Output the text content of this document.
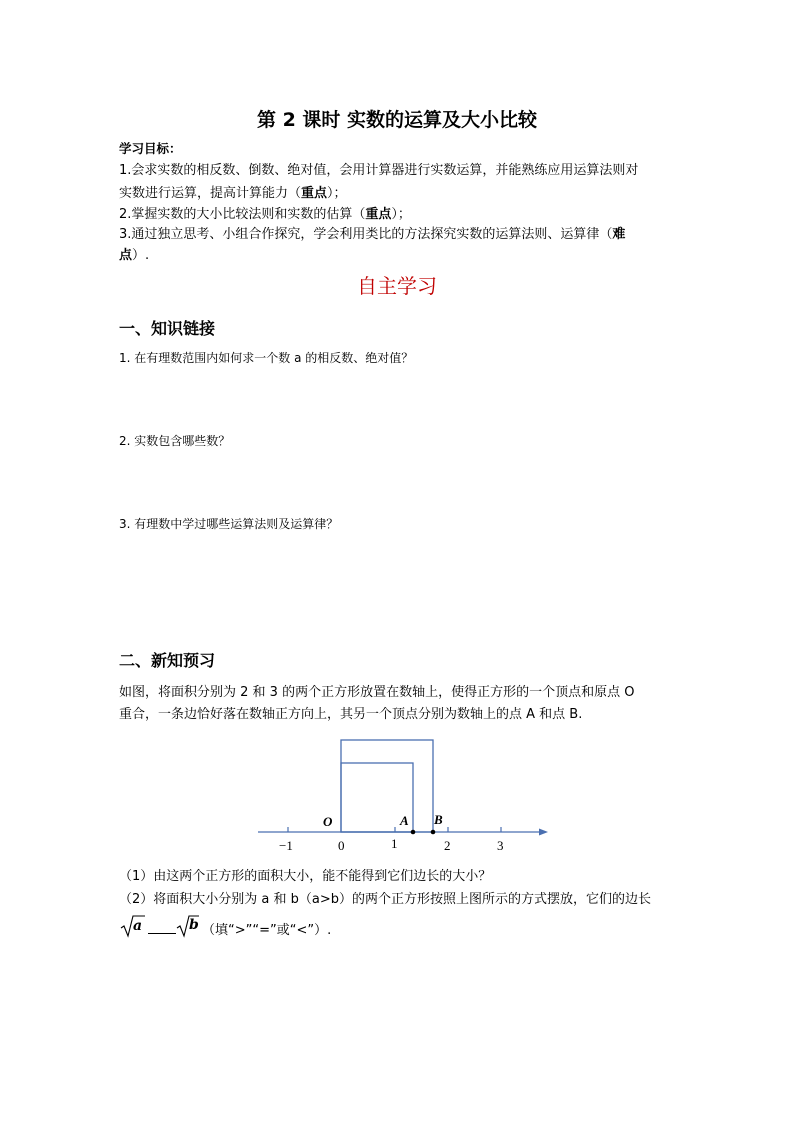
第 2 课时 实数的运算及大小比较
学习目标：
1.会求实数的相反数、倒数、绝对值，会用计算器进行实数运算，并能熟练应用运算法则对
实数进行运算，提高计算能力（重点）；
2.掌握实数的大小比较法则和实数的估算（重点）；
3.通过独立思考、小组合作探究，学会利用类比的方法探究实数的运算法则、运算律（难
点）.
自主学习
一、知识链接
1. 在有理数范围内如何求一个数 a 的相反数、绝对值？
2. 实数包含哪些数？
3. 有理数中学过哪些运算法则及运算律？
二、新知预习
如图，将面积分别为 2 和 3 的两个正方形放置在数轴上，使得正方形的一个顶点和原点 O
重合，一条边恰好落在数轴正方向上，其另一个顶点分别为数轴上的点 A 和点 B.
O	A B
−1	0	1	2	3
（1）由这两个正方形的面积大小，能不能得到它们边长的大小？
（2）将面积大小分别为 a 和 b（a>b）的两个正方形按照上图所示的方式摆放，它们的边长
a	b （填“>”“=”或“<”）.
